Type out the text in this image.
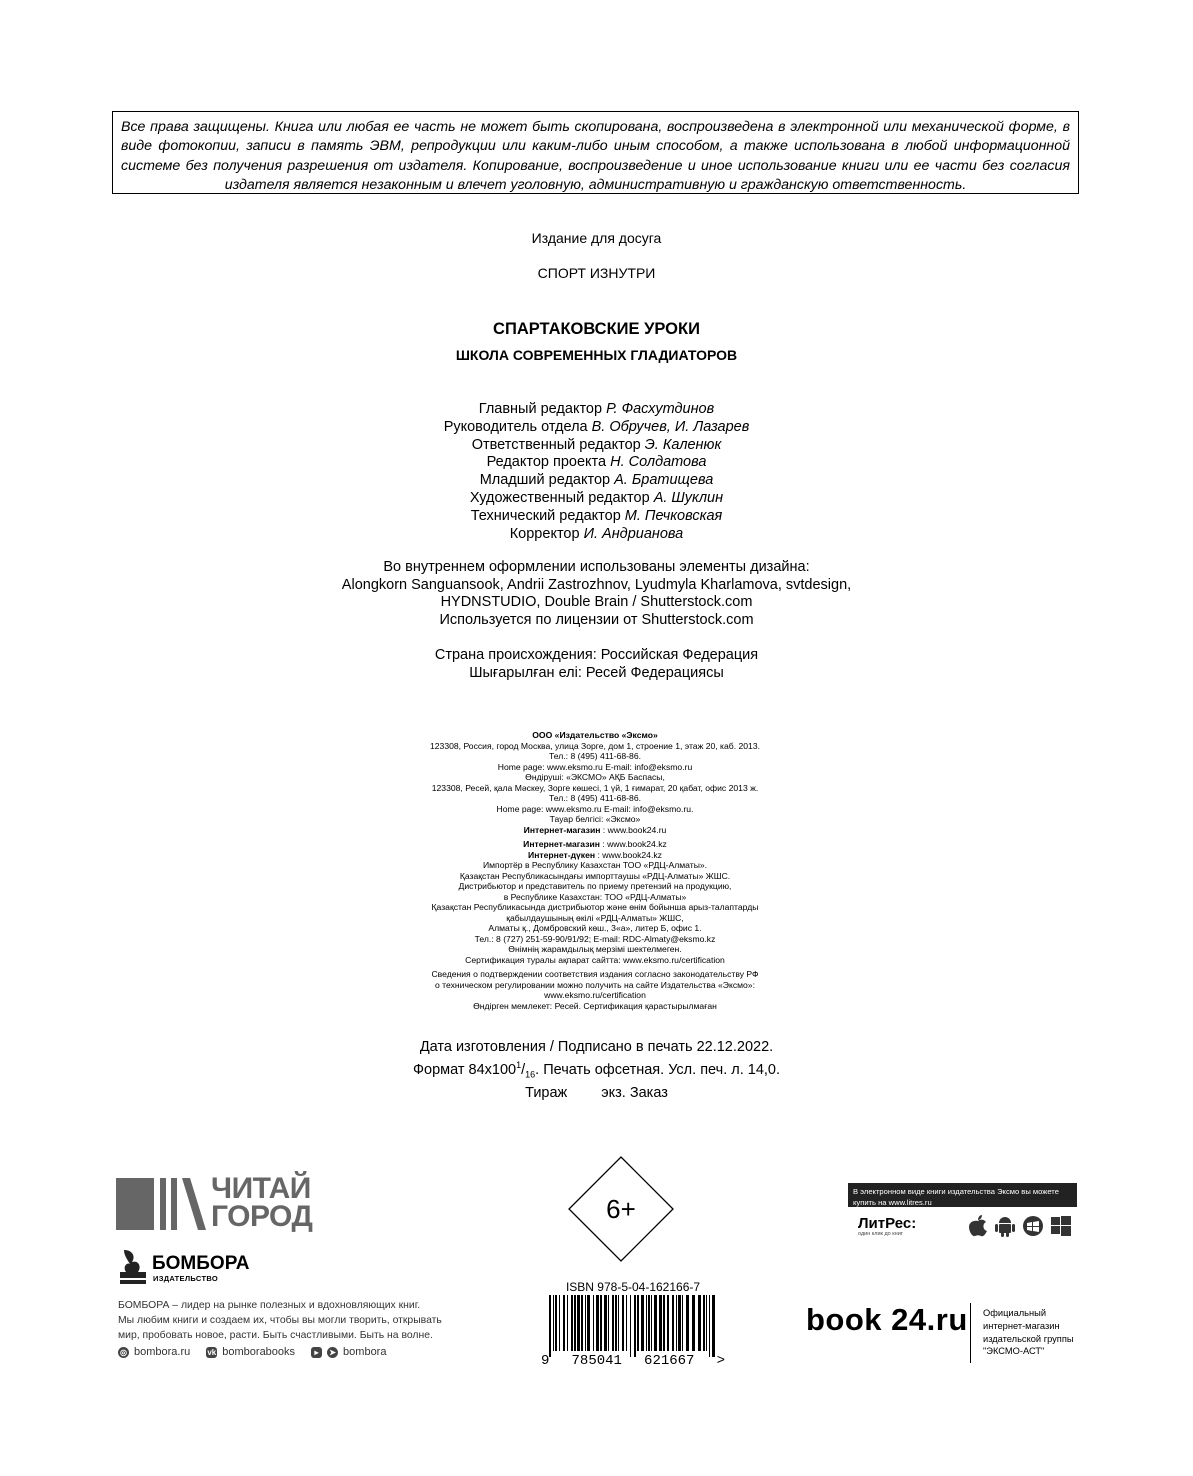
Все права защищены. Книга или любая ее часть не может быть скопирована, воспроизведена в электронной или механической форме, в виде фотокопии, записи в память ЭВМ, репродукции или каким-либо иным способом, а также использована в любой информационной системе без получения разрешения от издателя. Копирование, воспроизведение и иное использование книги или ее части без согласия издателя является незаконным и влечет уголовную, административную и гражданскую ответственность.

Издание для досуга
СПОРТ ИЗНУТРИ
СПАРТАКОВСКИЕ УРОКИ
ШКОЛА СОВРЕМЕННЫХ ГЛАДИАТОРОВ
Главный редактор Р. Фасхутдинов
Руководитель отдела В. Обручев, И. Лазарев
Ответственный редактор Э. Каленюк
Редактор проекта Н. Солдатова
Младший редактор А. Братищева
Художественный редактор А. Шуклин
Технический редактор М. Печковская
Корректор И. Андрианова
Во внутреннем оформлении использованы элементы дизайна:
Alongkorn Sanguansook, Andrii Zastrozhnov, Lyudmyla Kharlamova, svtdesign,
HYDNSTUDIO, Double Brain / Shutterstock.com
Используется по лицензии от Shutterstock.com
Страна происхождения: Российская Федерация
Шығарылған елі: Ресей Федерациясы
ООО «Издательство «Эксмо»
123308, Россия, город Москва, улица Зорге, дом 1, строение 1, этаж 20, каб. 2013.
Тел.: 8 (495) 411-68-86.
Home page: www.eksmo.ru E-mail: info@eksmo.ru
Өндіруші: «ЭКСМО» АҚБ Баспасы,
123308, Ресей, қала Мәскеу, Зорге көшесі, 1 үй, 1 ғимарат, 20 қабат, офис 2013 ж.
Тел.: 8 (495) 411-68-86.
Home page: www.eksmo.ru E-mail: info@eksmo.ru.
Тауар белгісі: «Эксмо»
Интернет-магазин : www.book24.ru
Интернет-магазин : www.book24.kz
Интернет-дүкен : www.book24.kz
Импортёр в Республику Казахстан ТОО «РДЦ-Алматы».
Қазақстан Республикасындағы импорттаушы «РДЦ-Алматы» ЖШС.
Дистрибьютор и представитель по приему претензий на продукцию,
в Республике Казахстан: ТОО «РДЦ-Алматы»
Қазақстан Республикасында дистрибьютор және өнім бойынша арыз-талаптарды
қабылдаушының өкілі «РДЦ-Алматы» ЖШС,
Алматы қ., Домбровский көш., 3«а», литер Б, офис 1.
Тел.: 8 (727) 251-59-90/91/92; E-mail: RDC-Almaty@eksmo.kz
Өнімнің жарамдылық мерзімі шектелмеген.
Сертификация туралы ақпарат сайтта: www.eksmo.ru/certification
Сведения о подтверждении соответствия издания согласно законодательству РФ
о техническом регулировании можно получить на сайте Издательства «Эксмо»:
www.eksmo.ru/certification
Өндірген мемлекет: Ресей. Сертификация қарастырылмаған
Дата изготовления / Подписано в печать 22.12.2022.
Формат $84x100^1/_{16}$. Печать офсетная. Усл. печ. л. 14,0.
Тираж экз. Заказ
ЧИТАЙ
ГОРОД
БОМБОРА
ИЗДАТЕЛЬСТВО
БОМБОРА – лидер на рынке полезных и вдохновляющих книг.
Мы любим книги и создаем их, чтобы вы могли творить, открывать
мир, пробовать новое, расти. Быть счастливыми. Быть на волне.
◎ bombora.ru vk bomborabooks	▸	➤ bombora
6+
ISBN 978-5-04-162166-7
9 785041 621667 >
В электронном виде книги издательства Эксмо вы можете
купить на www.litres.ru
ЛитРес:
один клик до книг
book 24.ru Официальный
интернет-магазин
издательской группы
"ЭКСМО-АСТ"
